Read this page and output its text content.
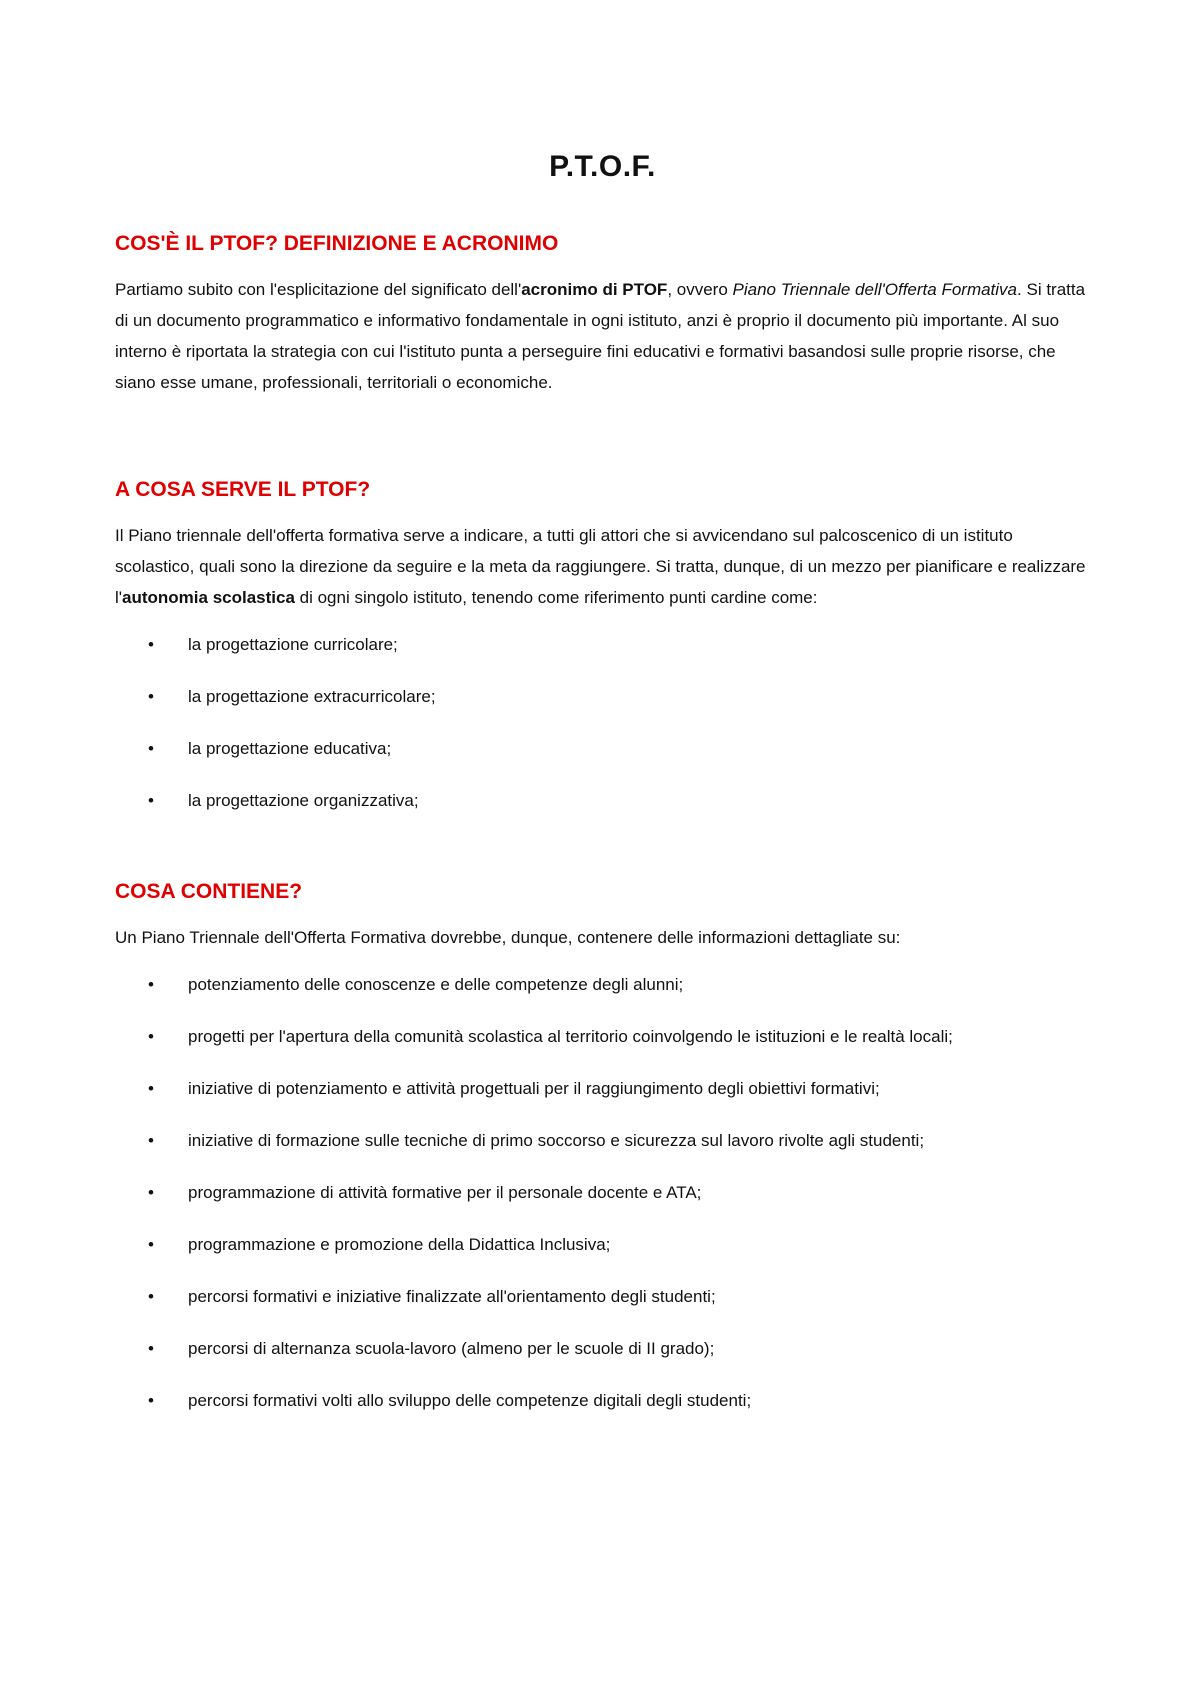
P.T.O.F.
COS'È IL PTOF? DEFINIZIONE E ACRONIMO

Partiamo subito con l'esplicitazione del significato dell'acronimo di PTOF, ovvero Piano Triennale dell'Offerta Formativa. Si tratta di un documento programmatico e informativo fondamentale in ogni istituto, anzi è proprio il documento più importante. Al suo interno è riportata la strategia con cui l'istituto punta a perseguire fini educativi e formativi basandosi sulle proprie risorse, che siano esse umane, professionali, territoriali o economiche.

A COSA SERVE IL PTOF?

Il Piano triennale dell'offerta formativa serve a indicare, a tutti gli attori che si avvicendano sul palcoscenico di un istituto scolastico, quali sono la direzione da seguire e la meta da raggiungere. Si tratta, dunque, di un mezzo per pianificare e realizzare l'autonomia scolastica di ogni singolo istituto, tenendo come riferimento punti cardine come:

• la progettazione curricolare;
• la progettazione extracurricolare;
• la progettazione educativa;
• la progettazione organizzativa;
COSA CONTIENE?

Un Piano Triennale dell'Offerta Formativa dovrebbe, dunque, contenere delle informazioni dettagliate su:

• potenziamento delle conoscenze e delle competenze degli alunni;
• progetti per l'apertura della comunità scolastica al territorio coinvolgendo le istituzioni e le realtà locali;
• iniziative di potenziamento e attività progettuali per il raggiungimento degli obiettivi formativi;
• iniziative di formazione sulle tecniche di primo soccorso e sicurezza sul lavoro rivolte agli studenti;
• programmazione di attività formative per il personale docente e ATA;
• programmazione e promozione della Didattica Inclusiva;
• percorsi formativi e iniziative finalizzate all'orientamento degli studenti;
• percorsi di alternanza scuola-lavoro (almeno per le scuole di II grado);
• percorsi formativi volti allo sviluppo delle competenze digitali degli studenti;
